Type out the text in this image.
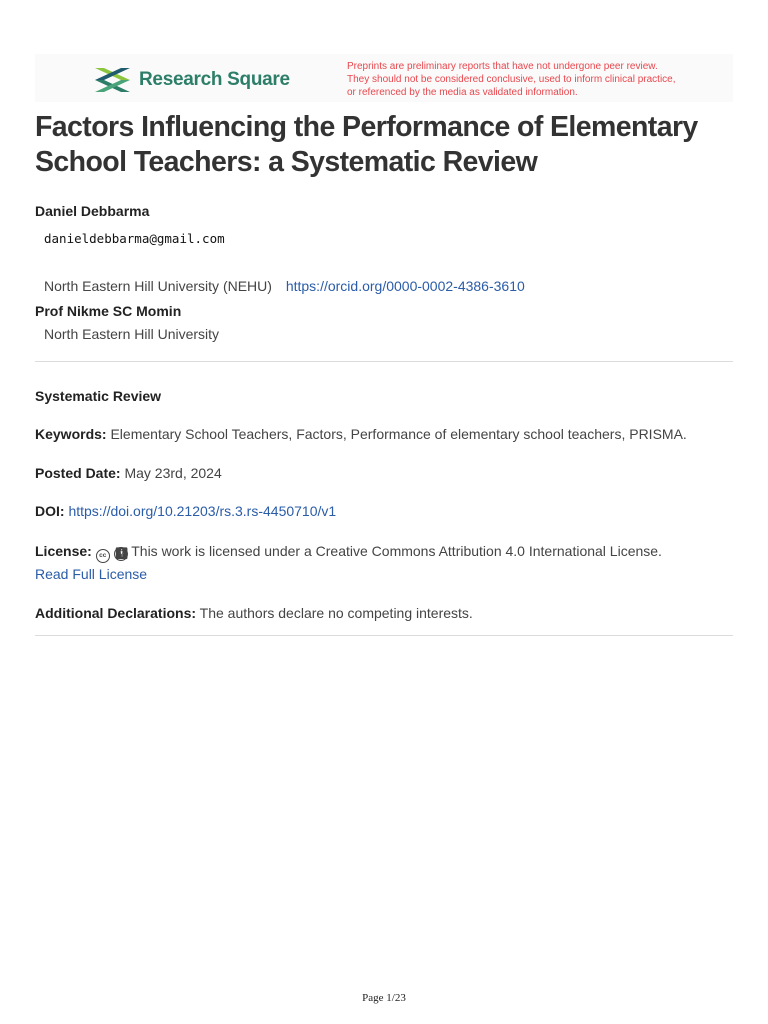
Research Square
Preprints are preliminary reports that have not undergone peer review.
They should not be considered conclusive, used to inform clinical practice,
or referenced by the media as validated information.
Factors Influencing the Performance of Elementary School Teachers: a Systematic Review
Daniel Debbarma
danieldebbarma@gmail.com
North Eastern Hill University (NEHU) https://orcid.org/0000-0002-4386-3610
Prof Nikme SC Momin
North Eastern Hill University
Systematic Review
Keywords: Elementary School Teachers, Factors, Performance of elementary school teachers, PRISMA.
Posted Date: May 23rd, 2024
DOI: https://doi.org/10.21203/rs.3.rs-4450710/v1
License: cc 🚹︎ This work is licensed under a Creative Commons Attribution 4.0 International License.
Read Full License
Additional Declarations: The authors declare no competing interests.
Page 1/23
